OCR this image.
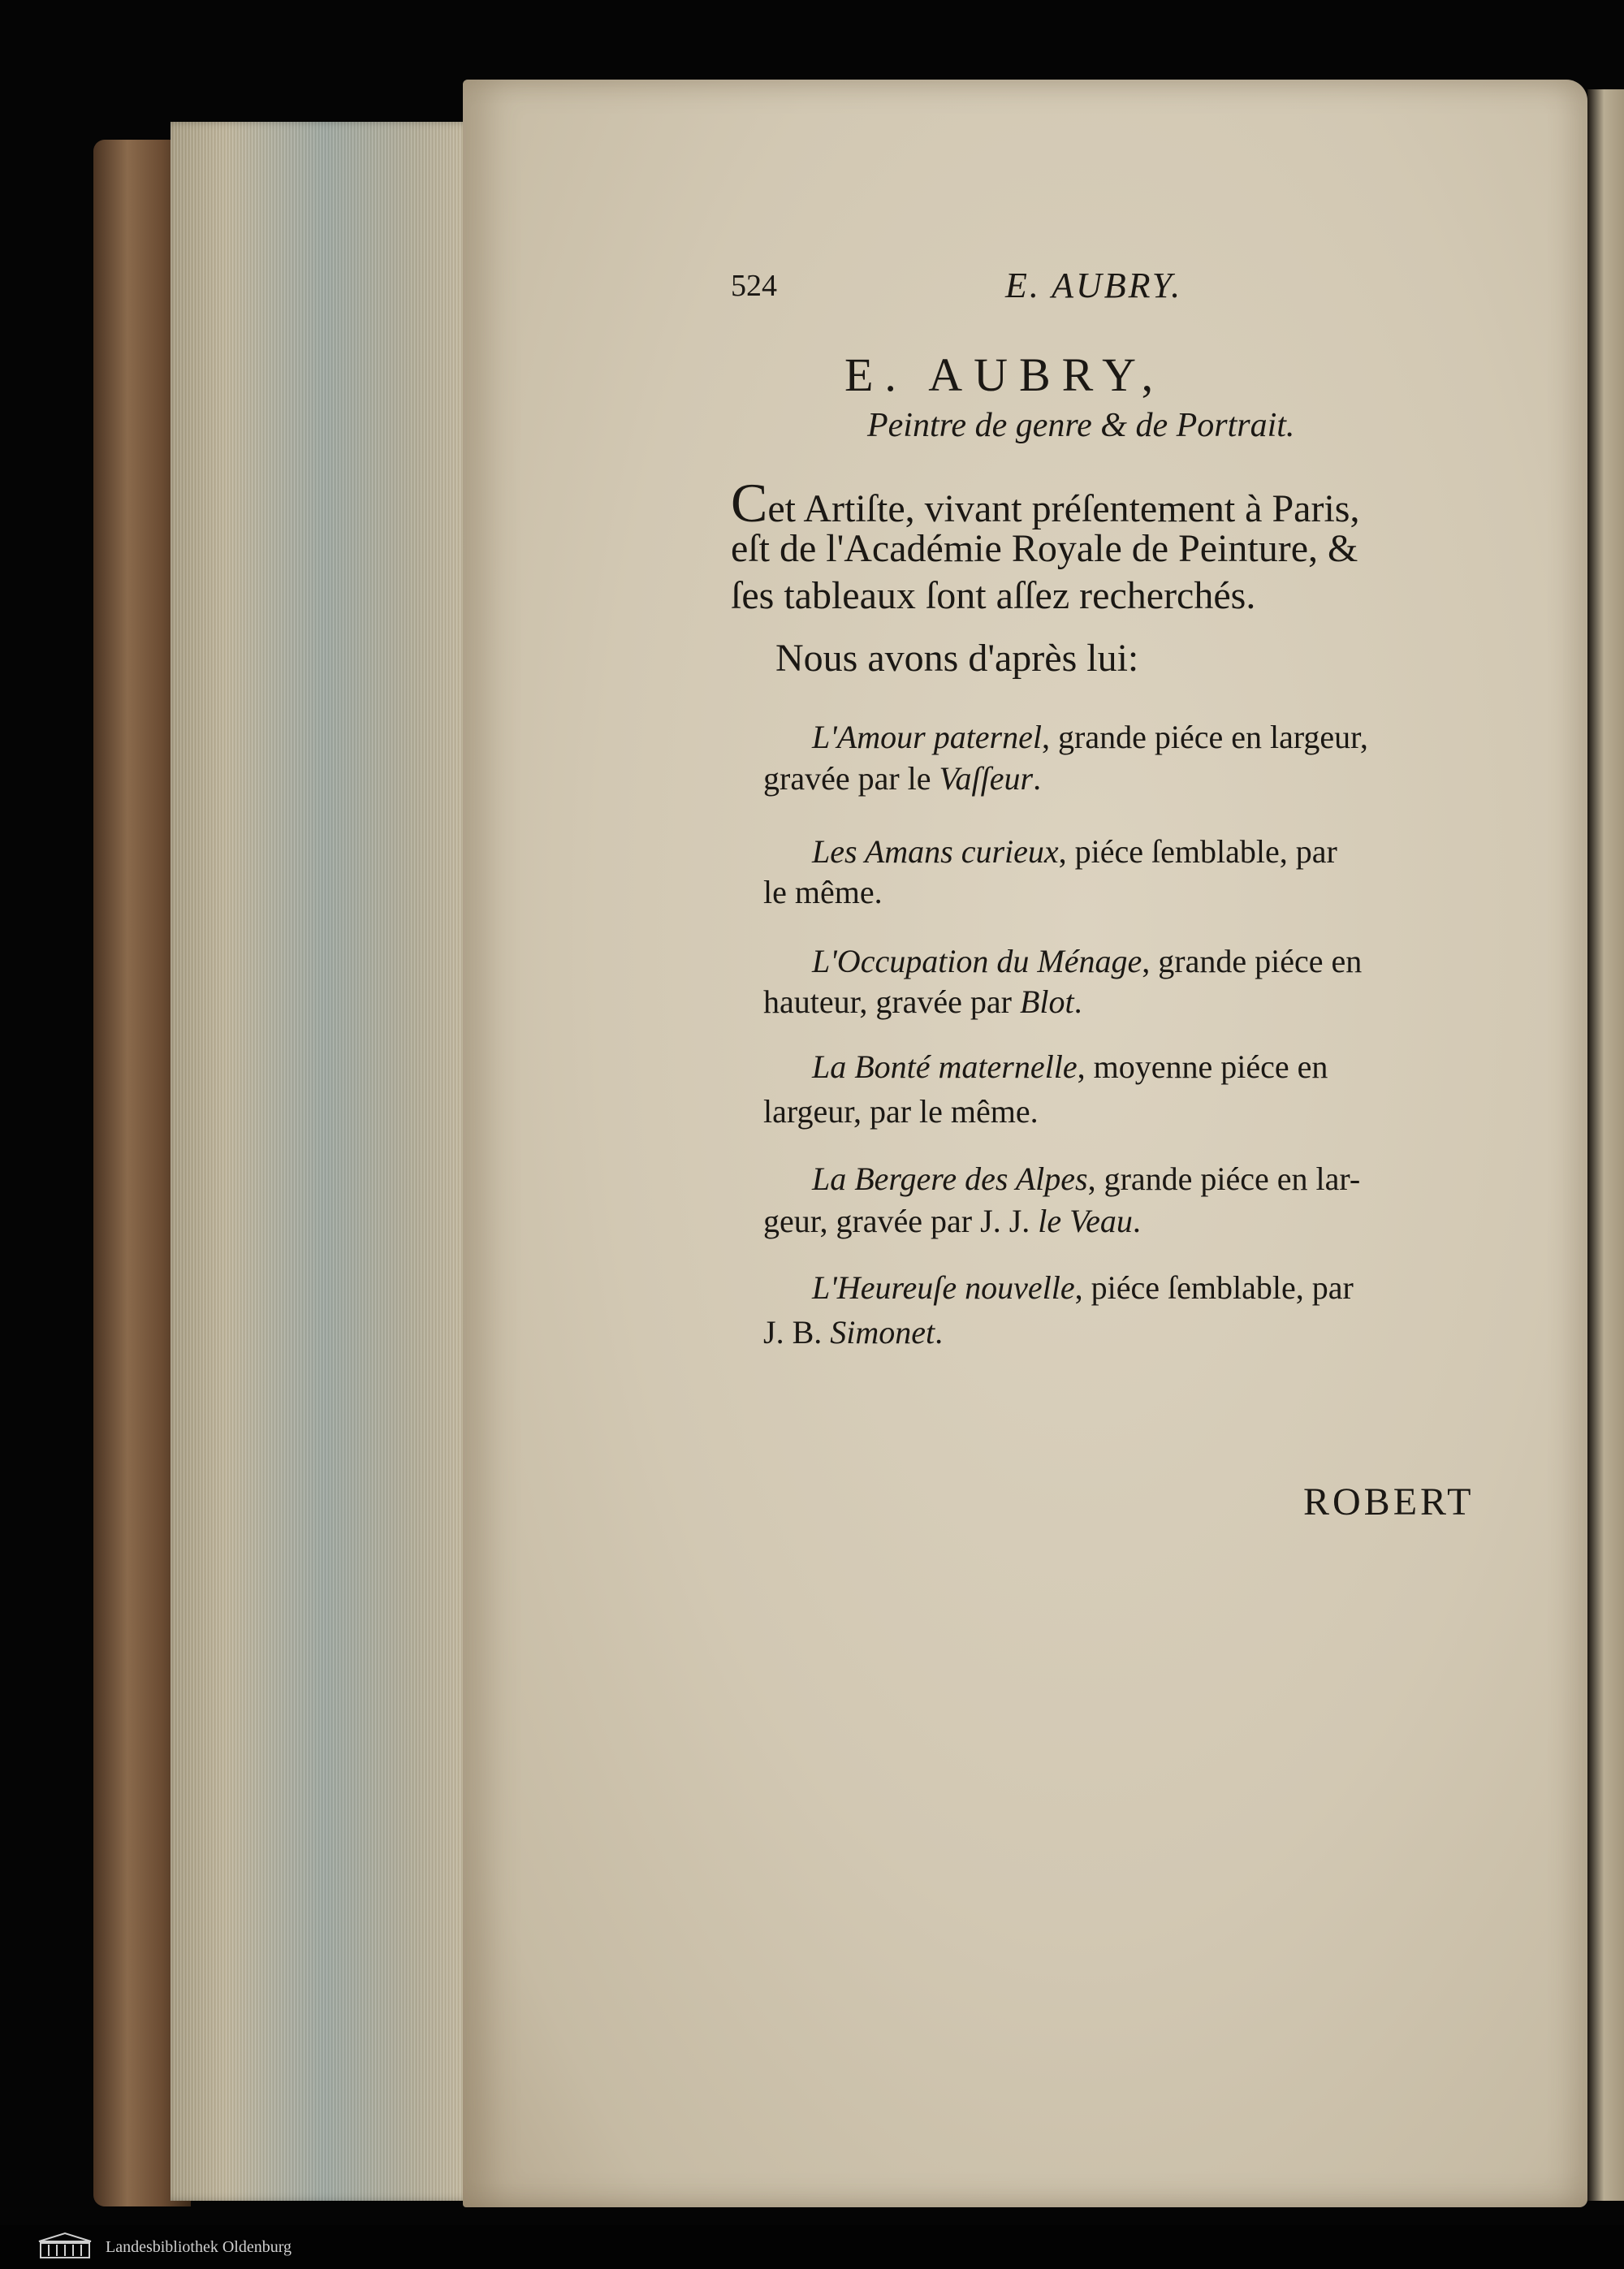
524	E. AUBRY.
E. AUBRY,
Peintre de genre & de Portrait.
Cet Artiſte, vivant préſentement à Paris,
eſt de l'Académie Royale de Peinture, &
ſes tableaux ſont aſſez recherchés.
Nous avons d'après lui:
L'Amour paternel, grande piéce en largeur,
gravée par le Vaſſeur.
Les Amans curieux, piéce ſemblable, par
le même.
L'Occupation du Ménage, grande piéce en
hauteur, gravée par Blot.
La Bonté maternelle, moyenne piéce en
largeur, par le même.
La Bergere des Alpes, grande piéce en lar-
geur, gravée par J. J. le Veau.
L'Heureuſe nouvelle, piéce ſemblable, par
J. B. Simonet.
ROBERT
Landesbibliothek Oldenburg
